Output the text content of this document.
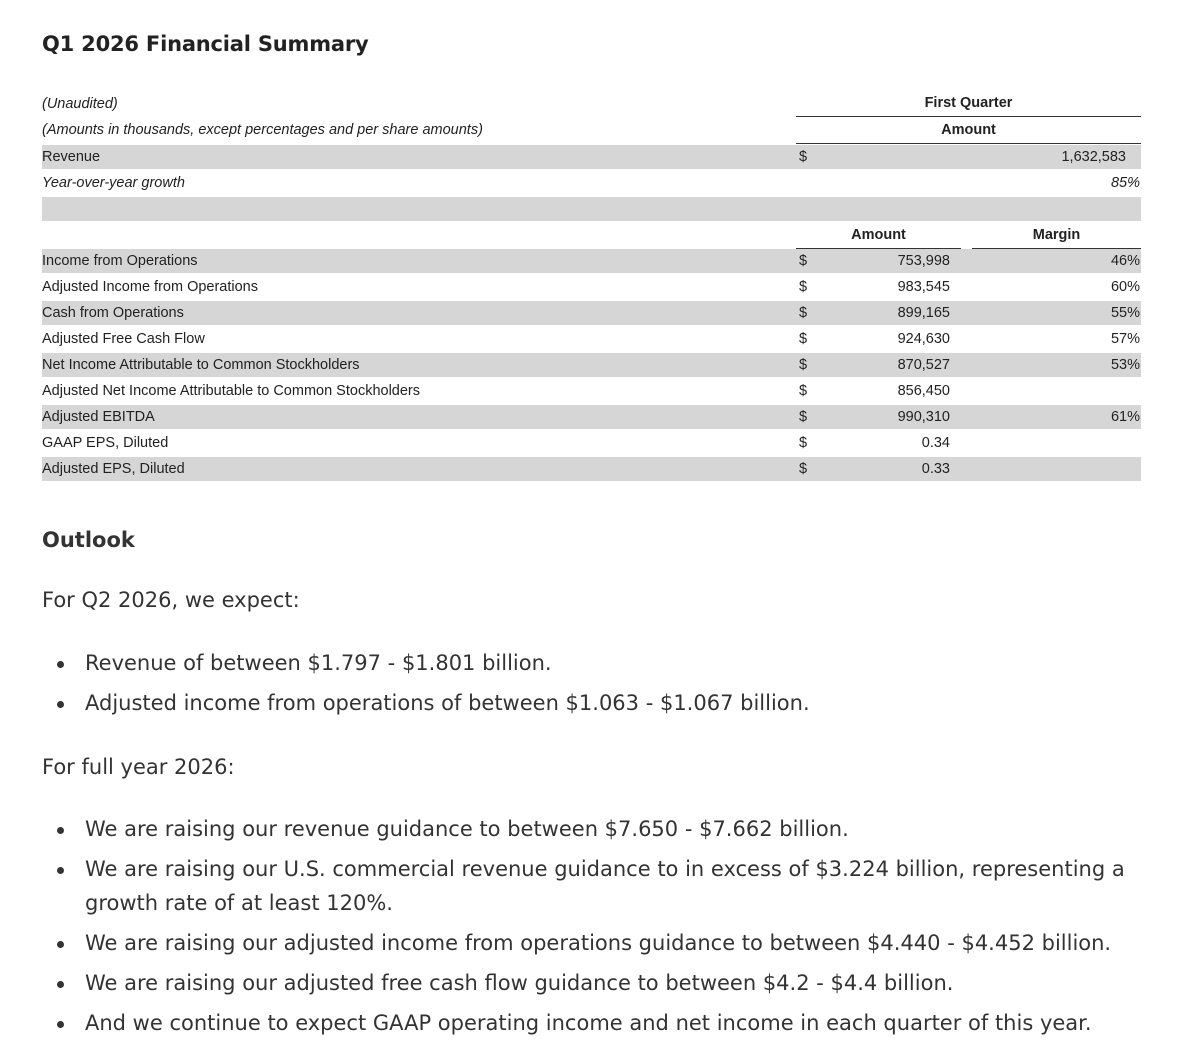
Q1 2026 Financial Summary
(Unaudited)	First Quarter
(Amounts in thousands, except percentages and per share amounts)	Amount
Revenue	$	1,632,583
Year-over-year growth	85%
Amount	Margin
Income from Operations	$	753,998	46%
Adjusted Income from Operations	$	983,545	60%
Cash from Operations	$	899,165	55%
Adjusted Free Cash Flow	$	924,630	57%
Net Income Attributable to Common Stockholders	$	870,527	53%
Adjusted Net Income Attributable to Common Stockholders	$	856,450
Adjusted EBITDA	$	990,310	61%
GAAP EPS, Diluted	$	0.34
Adjusted EPS, Diluted	$	0.33
Outlook

For Q2 2026, we expect:

Revenue of between $1.797 - $1.801 billion.
Adjusted income from operations of between $1.063 - $1.067 billion.

For full year 2026:

We are raising our revenue guidance to between $7.650 - $7.662 billion.
We are raising our U.S. commercial revenue guidance to in excess of $3.224 billion, representing a growth rate of at least 120%.
We are raising our adjusted income from operations guidance to between $4.440 - $4.452 billion.
We are raising our adjusted free cash flow guidance to between $4.2 - $4.4 billion.
And we continue to expect GAAP operating income and net income in each quarter of this year.
